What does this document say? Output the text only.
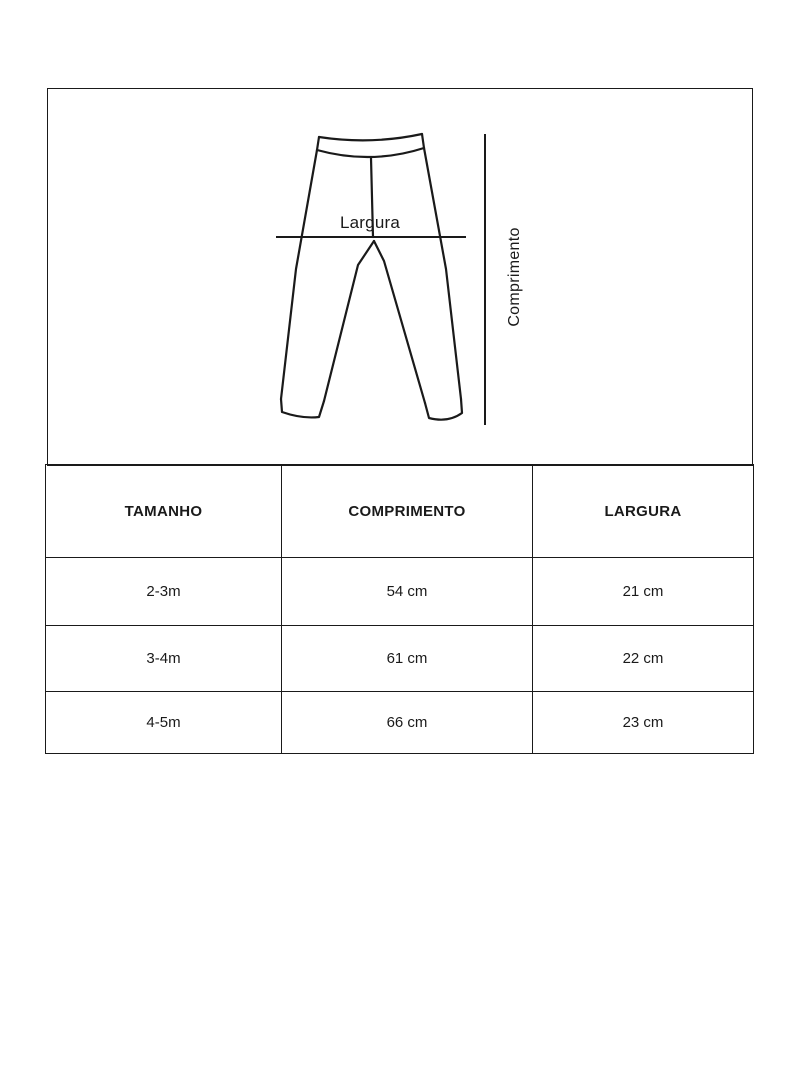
Largura
Comprimento
TAMANHO	COMPRIMENTO	LARGURA
2-3m	54 cm	21 cm
3-4m	61 cm	22 cm
4-5m	66 cm	23 cm
